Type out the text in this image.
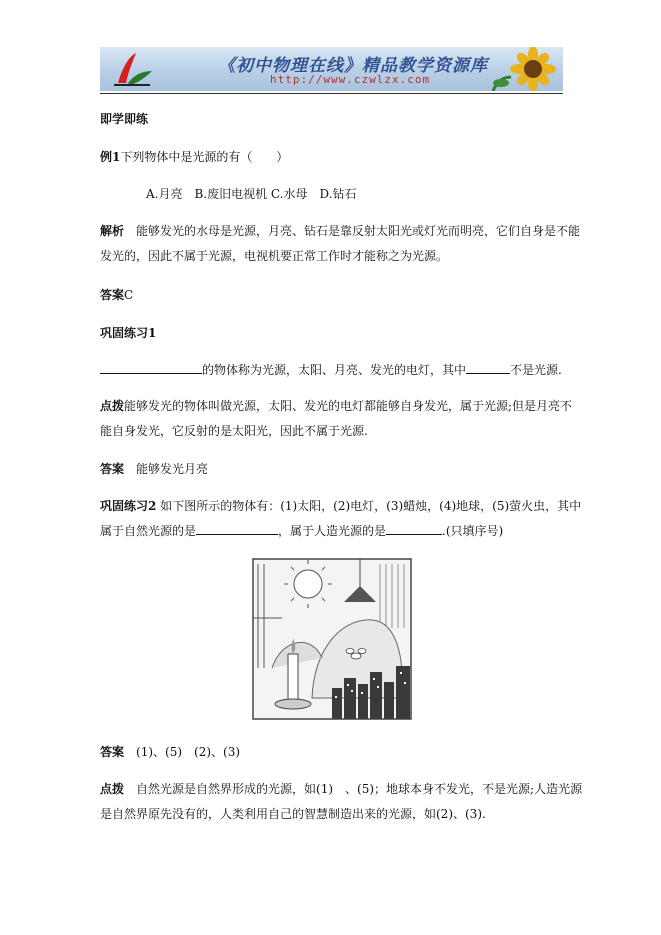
《初中物理在线》精品教学资源库
http://www.czwlzx.com
即学即练
例1下列物体中是光源的有（　　）
A.月亮　B.废旧电视机 C.水母　D.钻石
解析　 能够发光的水母是光源，月亮、钻石是靠反射太阳光或灯光而明亮，它们自身是不能
发光的，因此不属于光源，电视机要正常工作时才能称之为光源。
答案C
巩固练习1
的物体称为光源，太阳、月亮、发光的电灯，其中	不是光源.
点拨能够发光的物体叫做光源，太阳、发光的电灯都能够自身发光，属于光源;但是月亮不
能自身发光，它反射的是太阳光，因此不属于光源.
答案　 能够发光月亮
巩固练习2 如下图所示的物体有：(1)太阳，(2)电灯，(3)蜡烛，(4)地球，(5)萤火虫，其中
属于自然光源的是	，属于人造光源的是	.(只填序号)
答案　 (1)、(5)　(2)、(3)
点拨　 自然光源是自然界形成的光源，如(1)　、(5)；地球本身不发光，不是光源;人造光源
是自然界原先没有的，人类利用自己的智慧制造出来的光源，如(2)、(3).
